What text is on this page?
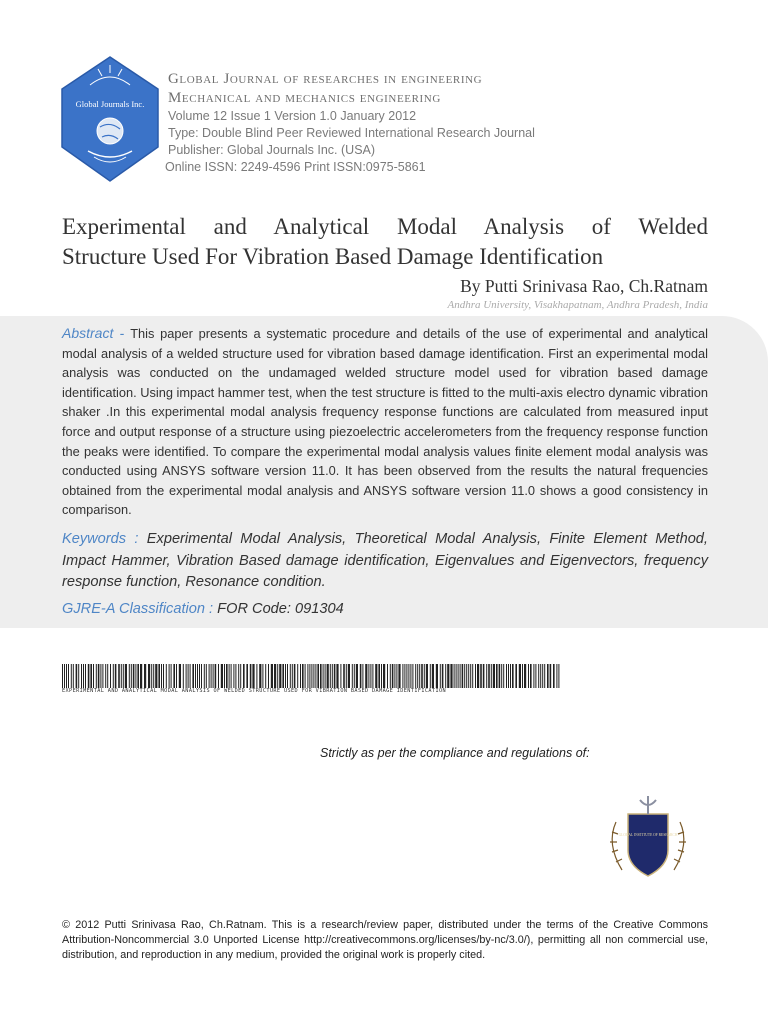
Global Journals Inc.
Global Journal of researches in engineering
Mechanical and mechanics engineering
Volume 12 Issue 1 Version 1.0 January 2012
Type: Double Blind Peer Reviewed International Research Journal
Publisher: Global Journals Inc. (USA)
Online ISSN: 2249-4596 Print ISSN:0975-5861
Experimental and Analytical Modal Analysis of Welded
Structure Used For Vibration Based Damage Identification
By Putti Srinivasa Rao, Ch.Ratnam
Andhra University, Visakhapatnam, Andhra Pradesh, India
Abstract - This paper presents a systematic procedure and details of the use of experimental and analytical modal analysis of a welded structure used for vibration based damage identification. First an experimental modal analysis was conducted on the undamaged welded structure model used for vibration based damage identification. Using impact hammer test, when the test structure is fitted to the multi-axis electro dynamic vibration shaker .In this experimental modal analysis frequency response functions are calculated from measured input force and output response of a structure using piezoelectric accelerometers from the frequency response function the peaks were identified. To compare the experimental modal analysis values finite element modal analysis was conducted using ANSYS software version 11.0. It has been observed from the results the natural frequencies obtained from the experimental modal analysis and ANSYS software version 11.0 shows a good consistency in comparison.
Keywords : Experimental Modal Analysis, Theoretical Modal Analysis, Finite Element Method, Impact Hammer, Vibration Based damage identification, Eigenvalues and Eigenvectors, frequency response function, Resonance condition.
GJRE-A Classification : FOR Code: 091304
EXPERIMENTAL AND ANALYTICAL MODAL ANALYSIS OF WELDED STRUCTURE USED FOR VIBRATION BASED DAMAGE IDENTIFICATION
Strictly as per the compliance and regulations of:
GLOBAL INSTITUTE OF RESEARCH
© 2012 Putti Srinivasa Rao, Ch.Ratnam. This is a research/review paper, distributed under the terms of the Creative Commons Attribution-Noncommercial 3.0 Unported License http://creativecommons.org/licenses/by-nc/3.0/), permitting all non commercial use, distribution, and reproduction in any medium, provided the original work is properly cited.
